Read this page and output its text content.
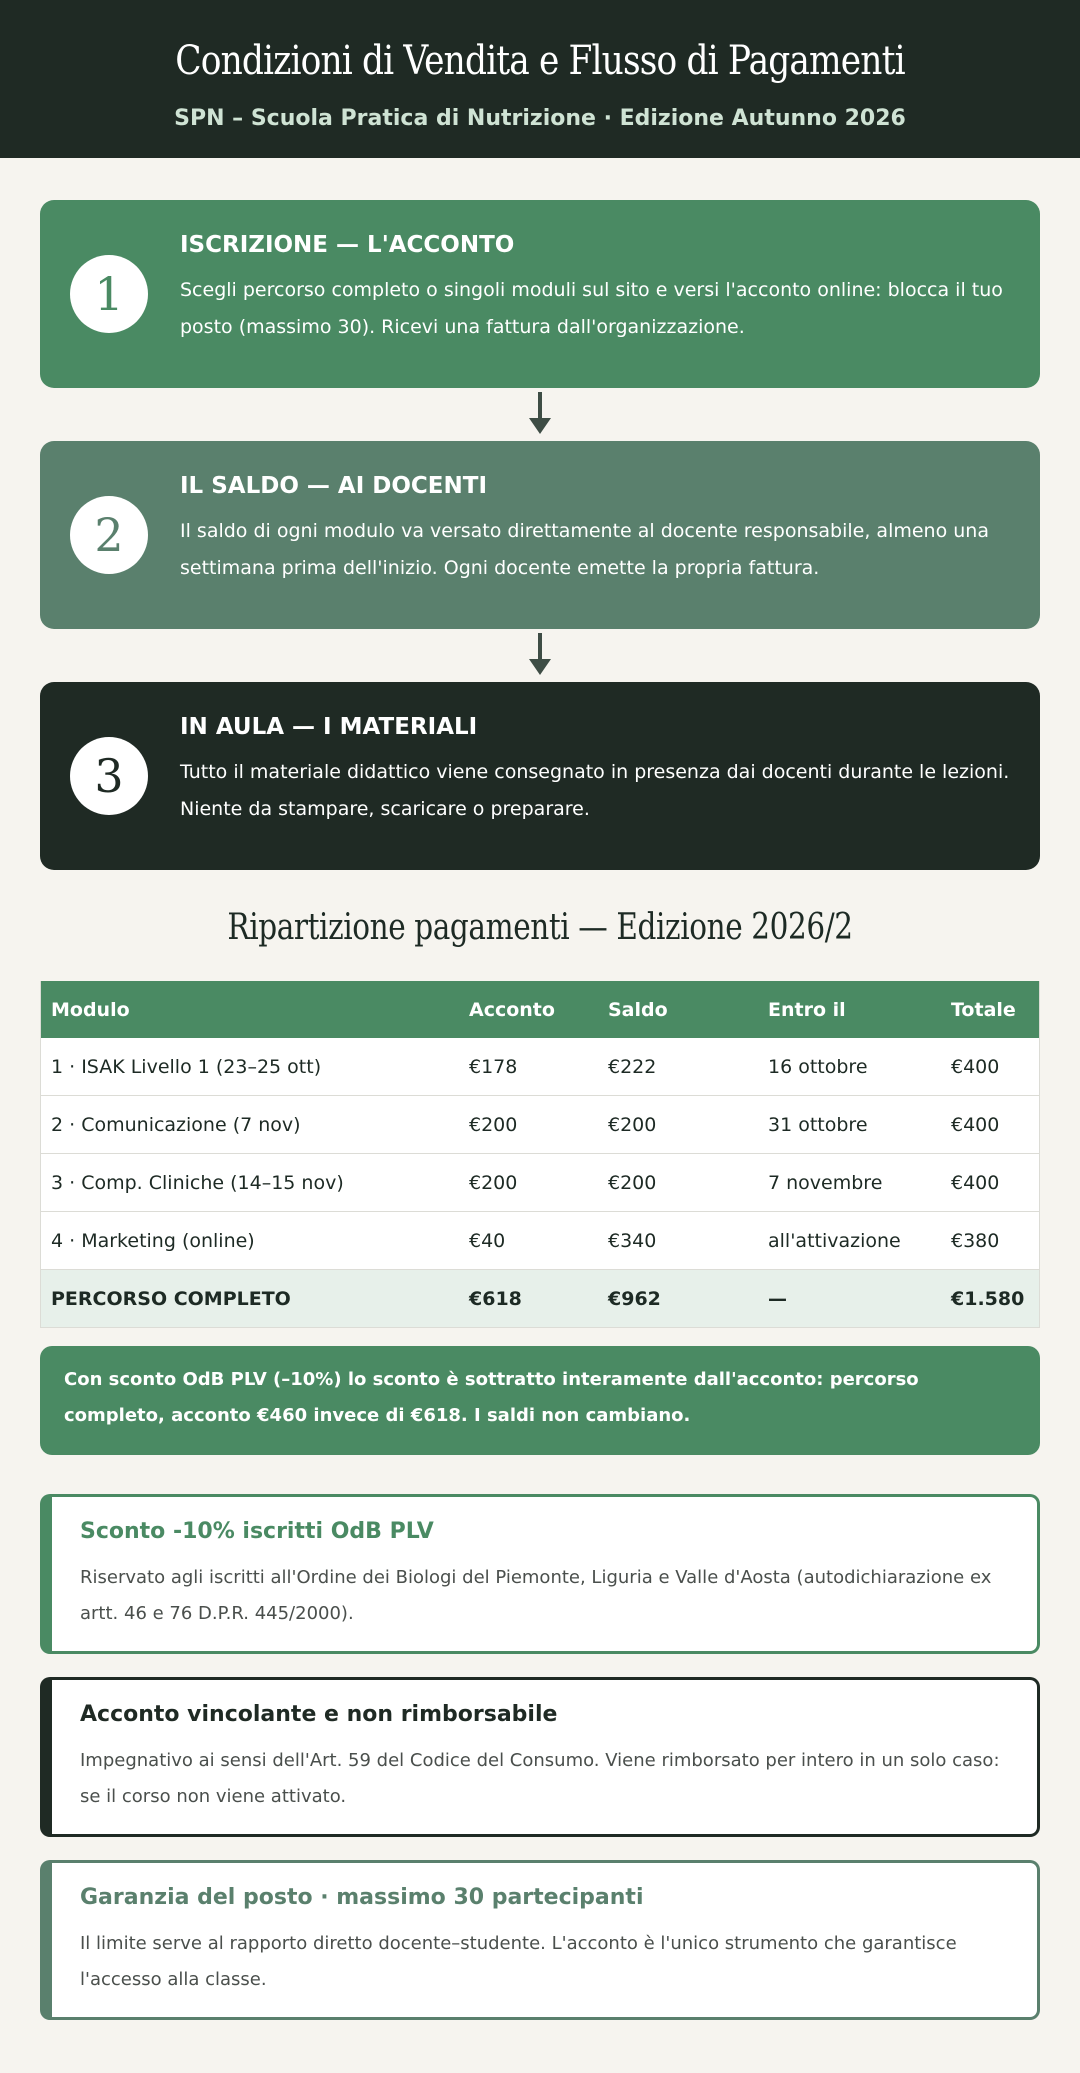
Condizioni di Vendita e Flusso di Pagamenti
SPN – Scuola Pratica di Nutrizione · Edizione Autunno 2026
1
ISCRIZIONE — L'ACCONTO

Scegli percorso completo o singoli moduli sul sito e versi l'acconto online: blocca il tuo posto (massimo 30). Ricevi una fattura dall'organizzazione.

2
IL SALDO — AI DOCENTI

Il saldo di ogni modulo va versato direttamente al docente responsabile, almeno una settimana prima dell'inizio. Ogni docente emette la propria fattura.

3
IN AULA — I MATERIALI

Tutto il materiale didattico viene consegnato in presenza dai docenti durante le lezioni. Niente da stampare, scaricare o preparare.

Ripartizione pagamenti — Edizione 2026/2
Modulo	Acconto	Saldo	Entro il	Totale
1 · ISAK Livello 1 (23–25 ott)	€178	€222	16 ottobre	€400
2 · Comunicazione (7 nov)	€200	€200	31 ottobre	€400
3 · Comp. Cliniche (14–15 nov)	€200	€200	7 novembre	€400
4 · Marketing (online)	€40	€340	all'attivazione	€380
PERCORSO COMPLETO	€618	€962	—	€1.580

Con sconto OdB PLV (–10%) lo sconto è sottratto interamente dall'acconto: percorso completo, acconto €460 invece di €618. I saldi non cambiano.

Sconto -10% iscritti OdB PLV

Riservato agli iscritti all'Ordine dei Biologi del Piemonte, Liguria e Valle d'Aosta (autodichiarazione ex artt. 46 e 76 D.P.R. 445/2000).

Acconto vincolante e non rimborsabile

Impegnativo ai sensi dell'Art. 59 del Codice del Consumo. Viene rimborsato per intero in un solo caso: se il corso non viene attivato.

Garanzia del posto · massimo 30 partecipanti

Il limite serve al rapporto diretto docente–studente. L'acconto è l'unico strumento che garantisce l'accesso alla classe.
